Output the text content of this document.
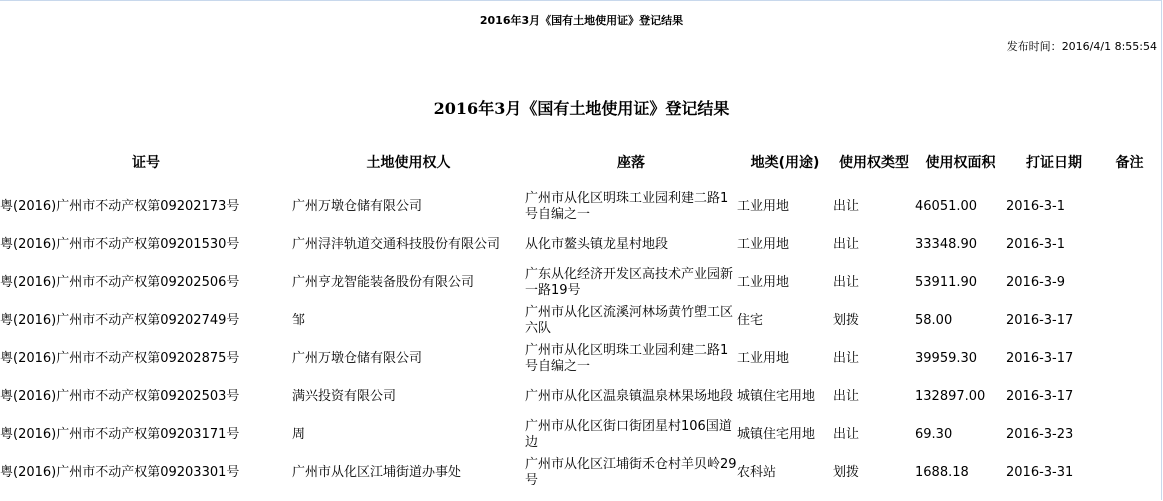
2016年3月《国有土地使用证》登记结果
发布时间：2016/4/1 8:55:54
2016年3月《国有土地使用证》登记结果
证号	土地使用权人	座落	地类(用途)	使用权类型	使用权面积	打证日期	备注
粤(2016)广州市不动产权第09202173号	广州万墩仓储有限公司	广州市从化区明珠工业园利建二路1号自编之一	工业用地	出让	46051.00	2016-3-1	
粤(2016)广州市不动产权第09201530号	广州浔沣轨道交通科技股份有限公司	从化市鳌头镇龙星村地段	工业用地	出让	33348.90	2016-3-1	
粤(2016)广州市不动产权第09202506号	广州亨龙智能装备股份有限公司	广东从化经济开发区高技术产业园新一路19号	工业用地	出让	53911.90	2016-3-9	
粤(2016)广州市不动产权第09202749号	邹	广州市从化区流溪河林场黄竹塱工区六队	住宅	划拨	58.00	2016-3-17	
粤(2016)广州市不动产权第09202875号	广州万墩仓储有限公司	广州市从化区明珠工业园利建二路1号自编之一	工业用地	出让	39959.30	2016-3-17	
粤(2016)广州市不动产权第09202503号	满兴投资有限公司	广州市从化区温泉镇温泉林果场地段	城镇住宅用地	出让	132897.00	2016-3-17	
粤(2016)广州市不动产权第09203171号	周	广州市从化区街口街团星村106国道边	城镇住宅用地	出让	69.30	2016-3-23	
粤(2016)广州市不动产权第09203301号	广州市从化区江埔街道办事处	广州市从化区江埔街禾仓村羊贝岭29号	农科站	划拨	1688.18	2016-3-31	
